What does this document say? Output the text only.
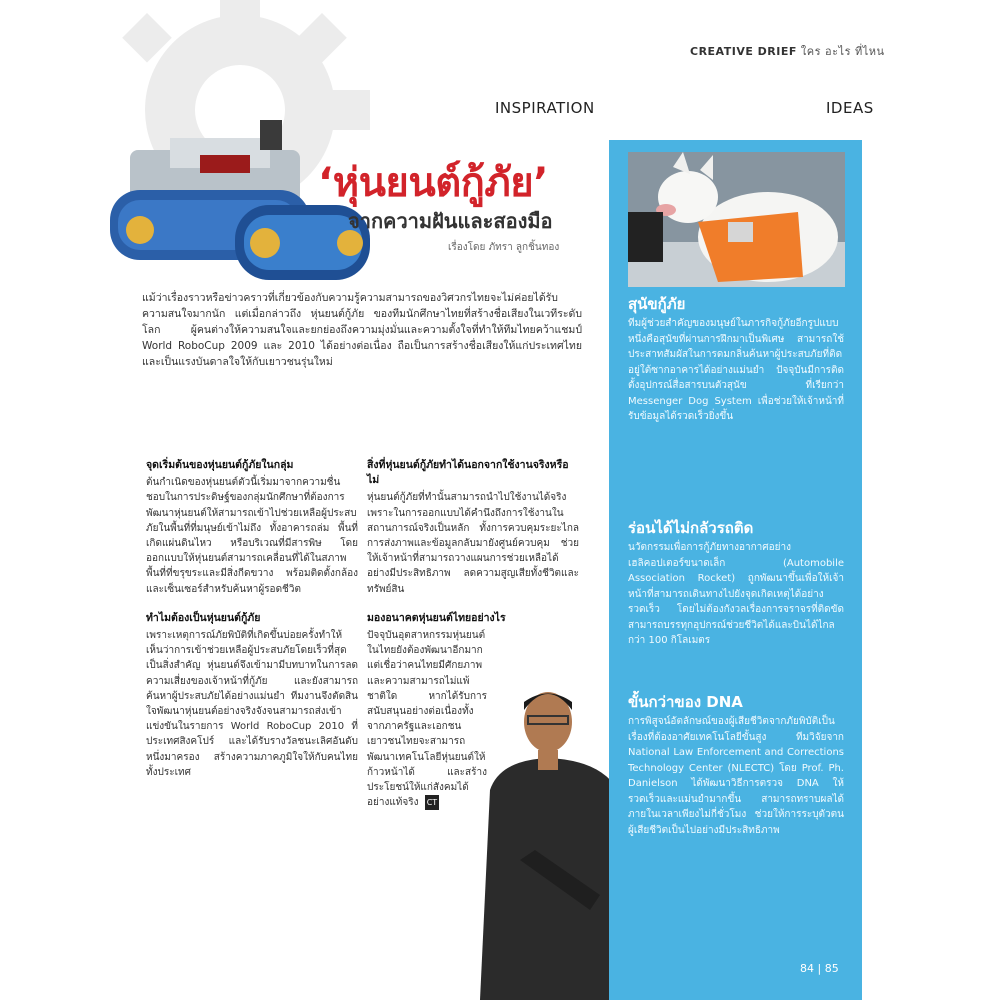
CREATIVE DRIEF ใคร อะไร ที่ไหน
INSPIRATION	IDEAS
‘หุ่นยนต์กู้ภัย’
จากความฝันและสองมือ
เรื่องโดย ภัทรา ลูกชิ้นทอง
แม้ว่าเรื่องราวหรือข่าวคราวที่เกี่ยวข้องกับความรู้ความสามารถของวิศวกรไทยจะไม่ค่อยได้รับความสนใจมากนัก แต่เมื่อกล่าวถึง หุ่นยนต์กู้ภัย ของทีมนักศึกษาไทยที่สร้างชื่อเสียงในเวทีระดับโลก ผู้คนต่างให้ความสนใจและยกย่องถึงความมุ่งมั่นและความตั้งใจที่ทำให้ทีมไทยคว้าแชมป์ World RoboCup 2009 และ 2010 ได้อย่างต่อเนื่อง ถือเป็นการสร้างชื่อเสียงให้แก่ประเทศไทยและเป็นแรงบันดาลใจให้กับเยาวชนรุ่นใหม่
จุดเริ่มต้นของหุ่นยนต์กู้ภัยในกลุ่ม

ต้นกำเนิดของหุ่นยนต์ตัวนี้เริ่มมาจากความชื่นชอบในการประดิษฐ์ของกลุ่มนักศึกษาที่ต้องการพัฒนาหุ่นยนต์ให้สามารถเข้าไปช่วยเหลือผู้ประสบภัยในพื้นที่ที่มนุษย์เข้าไม่ถึง ทั้งอาคารถล่ม พื้นที่เกิดแผ่นดินไหว หรือบริเวณที่มีสารพิษ โดยออกแบบให้หุ่นยนต์สามารถเคลื่อนที่ได้ในสภาพพื้นที่ที่ขรุขระและมีสิ่งกีดขวาง พร้อมติดตั้งกล้องและเซ็นเซอร์สำหรับค้นหาผู้รอดชีวิต

ทำไมต้องเป็นหุ่นยนต์กู้ภัย

เพราะเหตุการณ์ภัยพิบัติที่เกิดขึ้นบ่อยครั้งทำให้เห็นว่าการเข้าช่วยเหลือผู้ประสบภัยโดยเร็วที่สุดเป็นสิ่งสำคัญ หุ่นยนต์จึงเข้ามามีบทบาทในการลดความเสี่ยงของเจ้าหน้าที่กู้ภัย และยังสามารถค้นหาผู้ประสบภัยได้อย่างแม่นยำ ทีมงานจึงตัดสินใจพัฒนาหุ่นยนต์อย่างจริงจังจนสามารถส่งเข้าแข่งขันในรายการ World RoboCup 2010 ที่ประเทศสิงคโปร์ และได้รับรางวัลชนะเลิศอันดับหนึ่งมาครอง สร้างความภาคภูมิใจให้กับคนไทยทั้งประเทศ

สิ่งที่หุ่นยนต์กู้ภัยทำได้นอกจากใช้งานจริงหรือไม่

หุ่นยนต์กู้ภัยที่ทำนั้นสามารถนำไปใช้งานได้จริง เพราะในการออกแบบได้คำนึงถึงการใช้งานในสถานการณ์จริงเป็นหลัก ทั้งการควบคุมระยะไกล การส่งภาพและข้อมูลกลับมายังศูนย์ควบคุม ช่วยให้เจ้าหน้าที่สามารถวางแผนการช่วยเหลือได้อย่างมีประสิทธิภาพ ลดความสูญเสียทั้งชีวิตและทรัพย์สิน

มองอนาคตหุ่นยนต์ไทยอย่างไร

ปัจจุบันอุตสาหกรรมหุ่นยนต์ในไทยยังต้องพัฒนาอีกมาก แต่เชื่อว่าคนไทยมีศักยภาพและความสามารถไม่แพ้ชาติใด หากได้รับการสนับสนุนอย่างต่อเนื่องทั้งจากภาครัฐและเอกชน เยาวชนไทยจะสามารถพัฒนาเทคโนโลยีหุ่นยนต์ให้ก้าวหน้าได้ และสร้างประโยชน์ให้แก่สังคมได้อย่างแท้จริง CT

สุนัขกู้ภัย
ทีมผู้ช่วยสำคัญของมนุษย์ในภารกิจกู้ภัยอีกรูปแบบหนึ่งคือสุนัขที่ผ่านการฝึกมาเป็นพิเศษ สามารถใช้ประสาทสัมผัสในการดมกลิ่นค้นหาผู้ประสบภัยที่ติดอยู่ใต้ซากอาคารได้อย่างแม่นยำ ปัจจุบันมีการติดตั้งอุปกรณ์สื่อสารบนตัวสุนัข ที่เรียกว่า Messenger Dog System เพื่อช่วยให้เจ้าหน้าที่รับข้อมูลได้รวดเร็วยิ่งขึ้น
ร่อนได้ไม่กลัวรถติด
นวัตกรรมเพื่อการกู้ภัยทางอากาศอย่าง เฮลิคอปเตอร์ขนาดเล็ก (Automobile Association Rocket) ถูกพัฒนาขึ้นเพื่อให้เจ้าหน้าที่สามารถเดินทางไปยังจุดเกิดเหตุได้อย่างรวดเร็ว โดยไม่ต้องกังวลเรื่องการจราจรที่ติดขัด สามารถบรรทุกอุปกรณ์ช่วยชีวิตได้และบินได้ไกลกว่า 100 กิโลเมตร
ขั้นกว่าของ DNA
การพิสูจน์อัตลักษณ์ของผู้เสียชีวิตจากภัยพิบัติเป็นเรื่องที่ต้องอาศัยเทคโนโลยีขั้นสูง ทีมวิจัยจาก National Law Enforcement and Corrections Technology Center (NLECTC) โดย Prof. Ph. Danielson ได้พัฒนาวิธีการตรวจ DNA ให้รวดเร็วและแม่นยำมากขึ้น สามารถทราบผลได้ภายในเวลาเพียงไม่กี่ชั่วโมง ช่วยให้การระบุตัวตนผู้เสียชีวิตเป็นไปอย่างมีประสิทธิภาพ
84 | 85
